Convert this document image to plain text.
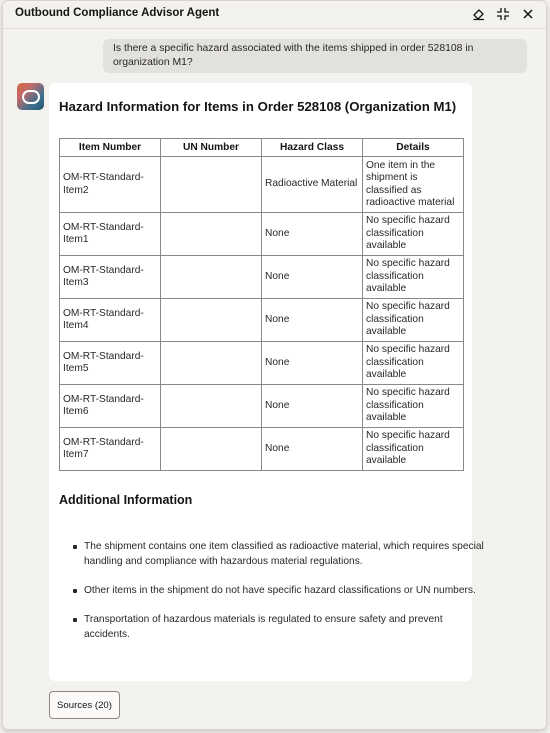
Outbound Compliance Advisor Agent
Is there a specific hazard associated with the items shipped in order 528108 in organization M1?
Hazard Information for Items in Order 528108 (Organization M1)
Item Number	UN Number	Hazard Class	Details
OM-RT-Standard-Item2		Radioactive Material	One item in the shipment is classified as radioactive material
OM-RT-Standard-Item1		None	No specific hazard classification available
OM-RT-Standard-Item3		None	No specific hazard classification available
OM-RT-Standard-Item4		None	No specific hazard classification available
OM-RT-Standard-Item5		None	No specific hazard classification available
OM-RT-Standard-Item6		None	No specific hazard classification available
OM-RT-Standard-Item7		None	No specific hazard classification available
Additional Information
The shipment contains one item classified as radioactive material, which requires special handling and compliance with hazardous material regulations.
Other items in the shipment do not have specific hazard classifications or UN numbers.
Transportation of hazardous materials is regulated to ensure safety and prevent accidents.
Sources (20)
